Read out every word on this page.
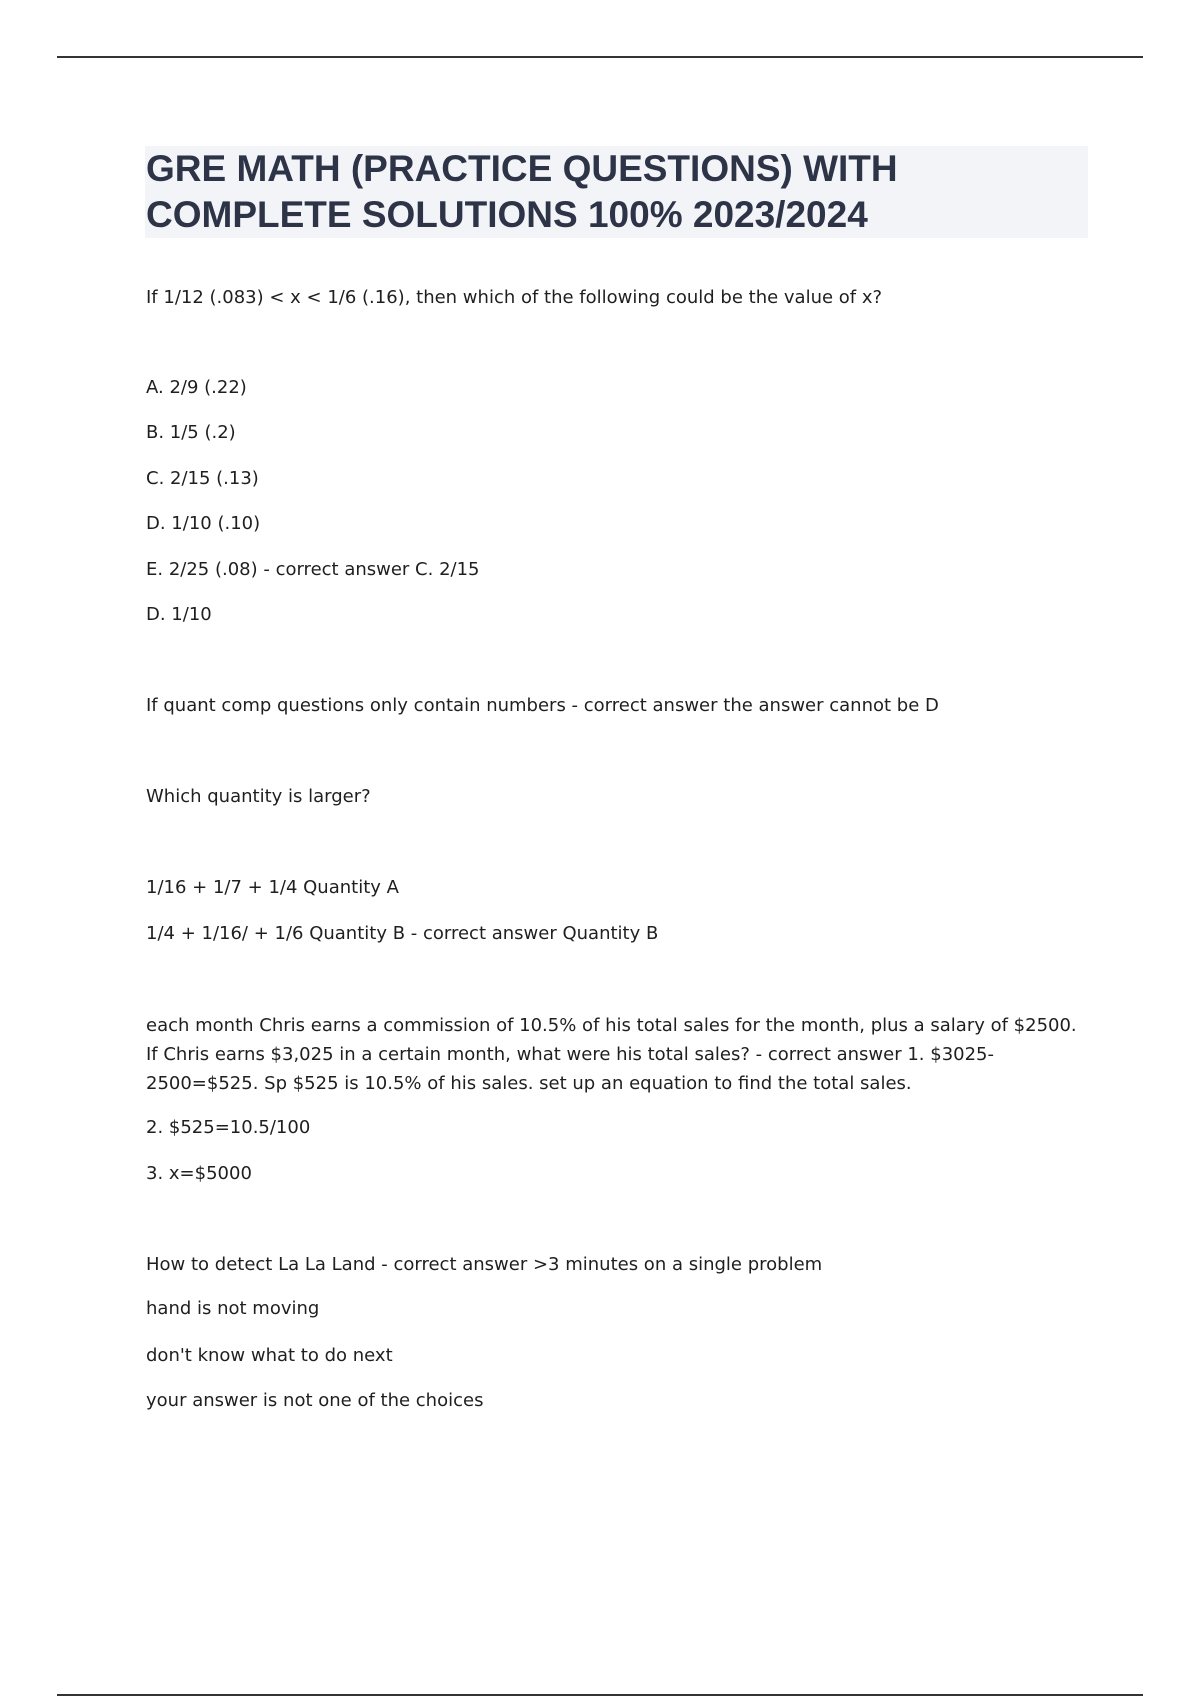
GRE MATH (PRACTICE QUESTIONS) WITH COMPLETE SOLUTIONS 100% 2023/2024

If 1/12 (.083) < x < 1/6 (.16), then which of the following could be the value of x?

A. 2/9 (.22)

B. 1/5 (.2)

C. 2/15 (.13)

D. 1/10 (.10)

E. 2/25 (.08) - correct answer C. 2/15

D. 1/10

If quant comp questions only contain numbers - correct answer the answer cannot be D

Which quantity is larger?

1/16 + 1/7 + 1/4 Quantity A

1/4 + 1/16/ + 1/6 Quantity B - correct answer Quantity B

each month Chris earns a commission of 10.5% of his total sales for the month, plus a salary of $2500. If Chris earns $3,025 in a certain month, what were his total sales? - correct answer 1. $3025-2500=$525. Sp $525 is 10.5% of his sales. set up an equation to find the total sales.

2. $525=10.5/100

3. x=$5000

How to detect La La Land - correct answer >3 minutes on a single problem

hand is not moving

don't know what to do next

your answer is not one of the choices
